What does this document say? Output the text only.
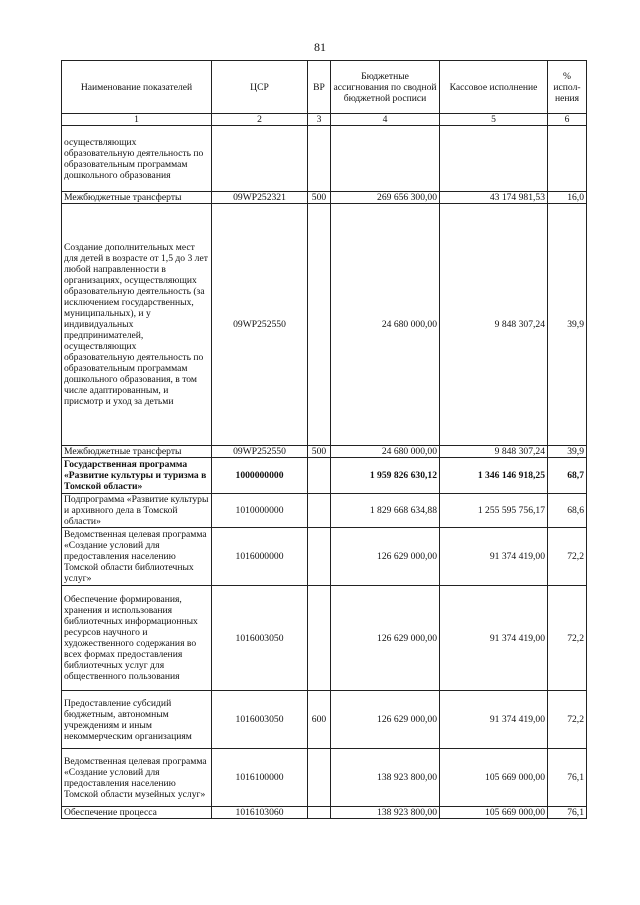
81
Наименование показателей	ЦСР	ВР	Бюджетные ассигнования по сводной бюджетной росписи	Кассовое исполнение	% испол-нения
1	2	3	4	5	6
осуществляющих образовательную деятельность по образовательным программам дошкольного образования					
Межбюджетные трансферты	09WP252321	500	269 656 300,00	43 174 981,53	16,0
Создание дополнительных мест для детей в возрасте от 1,5 до 3 лет любой направленности в организациях, осуществляющих образовательную деятельность (за исключением государственных, муниципальных), и у индивидуальных предпринимателей, осуществляющих образовательную деятельность по образовательным программам дошкольного образования, в том числе адаптированным, и присмотр и уход за детьми	09WP252550		24 680 000,00	9 848 307,24	39,9
Межбюджетные трансферты	09WP252550	500	24 680 000,00	9 848 307,24	39,9
Государственная программа «Развитие культуры и туризма в Томской области»	1000000000		1 959 826 630,12	1 346 146 918,25	68,7
Подпрограмма «Развитие культуры и архивного дела в Томской области»	1010000000		1 829 668 634,88	1 255 595 756,17	68,6
Ведомственная целевая программа «Создание условий для предоставления населению Томской области библиотечных услуг»	1016000000		126 629 000,00	91 374 419,00	72,2
Обеспечение формирования, хранения и использования библиотечных информационных ресурсов научного и художественного содержания во всех формах предоставления библиотечных услуг для общественного пользования	1016003050		126 629 000,00	91 374 419,00	72,2
Предоставление субсидий бюджетным, автономным учреждениям и иным некоммерческим организациям	1016003050	600	126 629 000,00	91 374 419,00	72,2
Ведомственная целевая программа «Создание условий для предоставления населению Томской области музейных услуг»	1016100000		138 923 800,00	105 669 000,00	76,1
Обеспечение процесса	1016103060		138 923 800,00	105 669 000,00	76,1
